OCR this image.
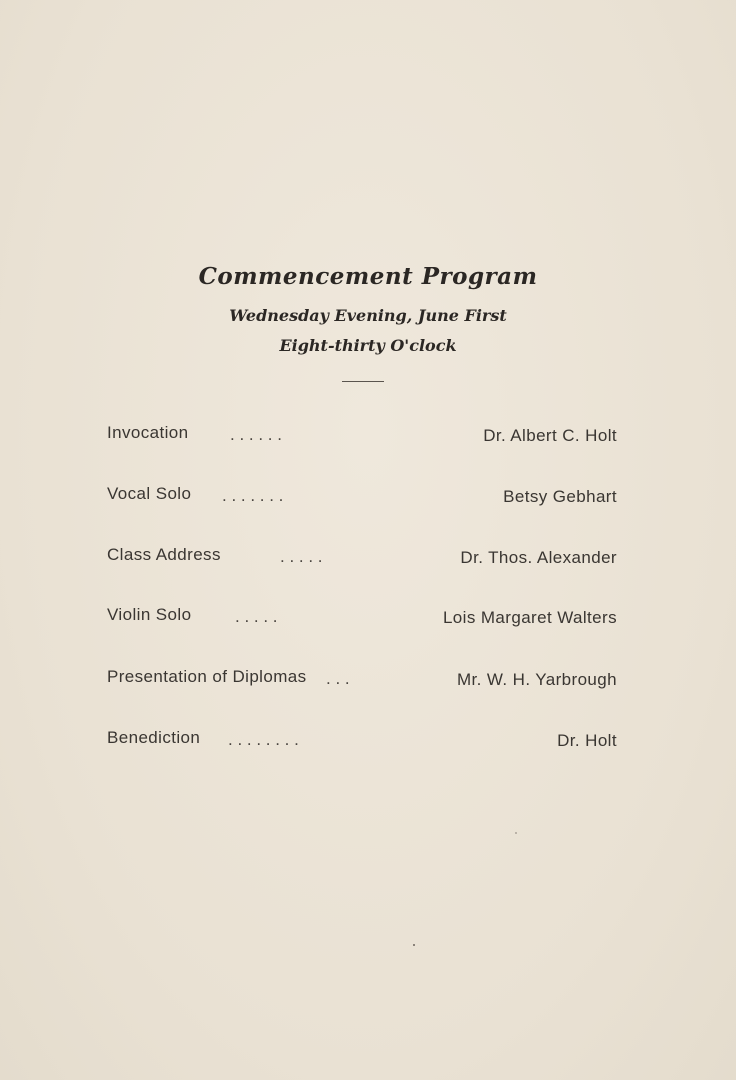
Commencement Program
Wednesday Evening, June First
Eight-thirty O'clock
Invocation . . . . . .	Dr. Albert C. Holt
Vocal Solo . . . . . . .	Betsy Gebhart
Class Address	. . . . .	Dr. Thos. Alexander
Violin Solo	. . . . .	Lois Margaret Walters
Presentation of Diplomas . . .	Mr. W. H. Yarbrough
Benediction . . . . . . . .	Dr. Holt
